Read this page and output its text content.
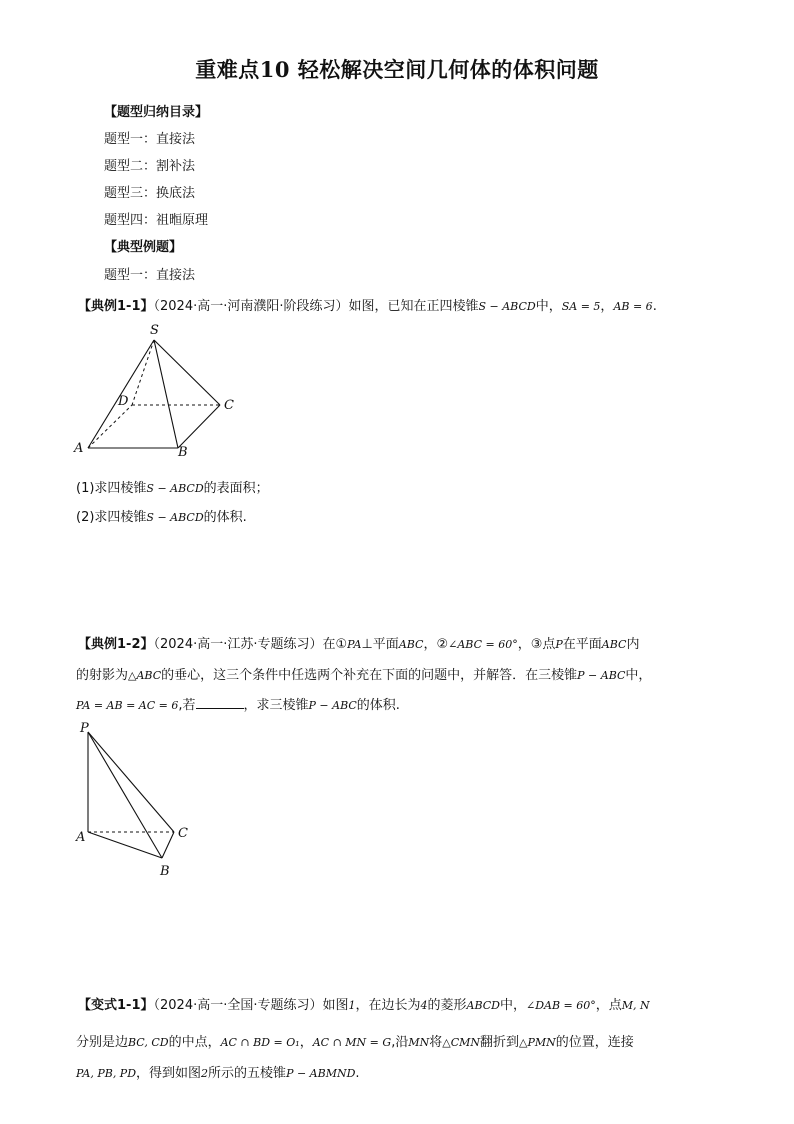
重难点10 轻松解决空间几何体的体积问题
【题型归纳目录】
题型一：直接法
题型二：割补法
题型三：换底法
题型四：祖暅原理
【典型例题】
题型一：直接法
【典例1-1】（2024·高一·河南濮阳·阶段练习）如图，已知在正四棱锥S − ABCD中，SA = 5，AB = 6.
S
D	C
A	B
(1)求四棱锥S − ABCD的表面积；
(2)求四棱锥S − ABCD的体积.
【典例1-2】（2024·高一·江苏·专题练习）在①PA⊥平面ABC，②∠ABC = 60°，③点P在平面ABC内
的射影为△ABC的垂心，这三个条件中任选两个补充在下面的问题中，并解答．在三棱锥P − ABC中，
PA = AB = AC = 6,若	，求三棱锥P − ABC的体积.
P
A	C
B
【变式1-1】（2024·高一·全国·专题练习）如图1，在边长为4的菱形ABCD中，∠DAB = 60°，点M, N
分别是边BC, CD的中点，AC ∩ BD = O₁，AC ∩ MN = G,沿MN将△CMN翻折到△PMN的位置，连接
PA, PB, PD，得到如图2所示的五棱锥P − ABMND.
